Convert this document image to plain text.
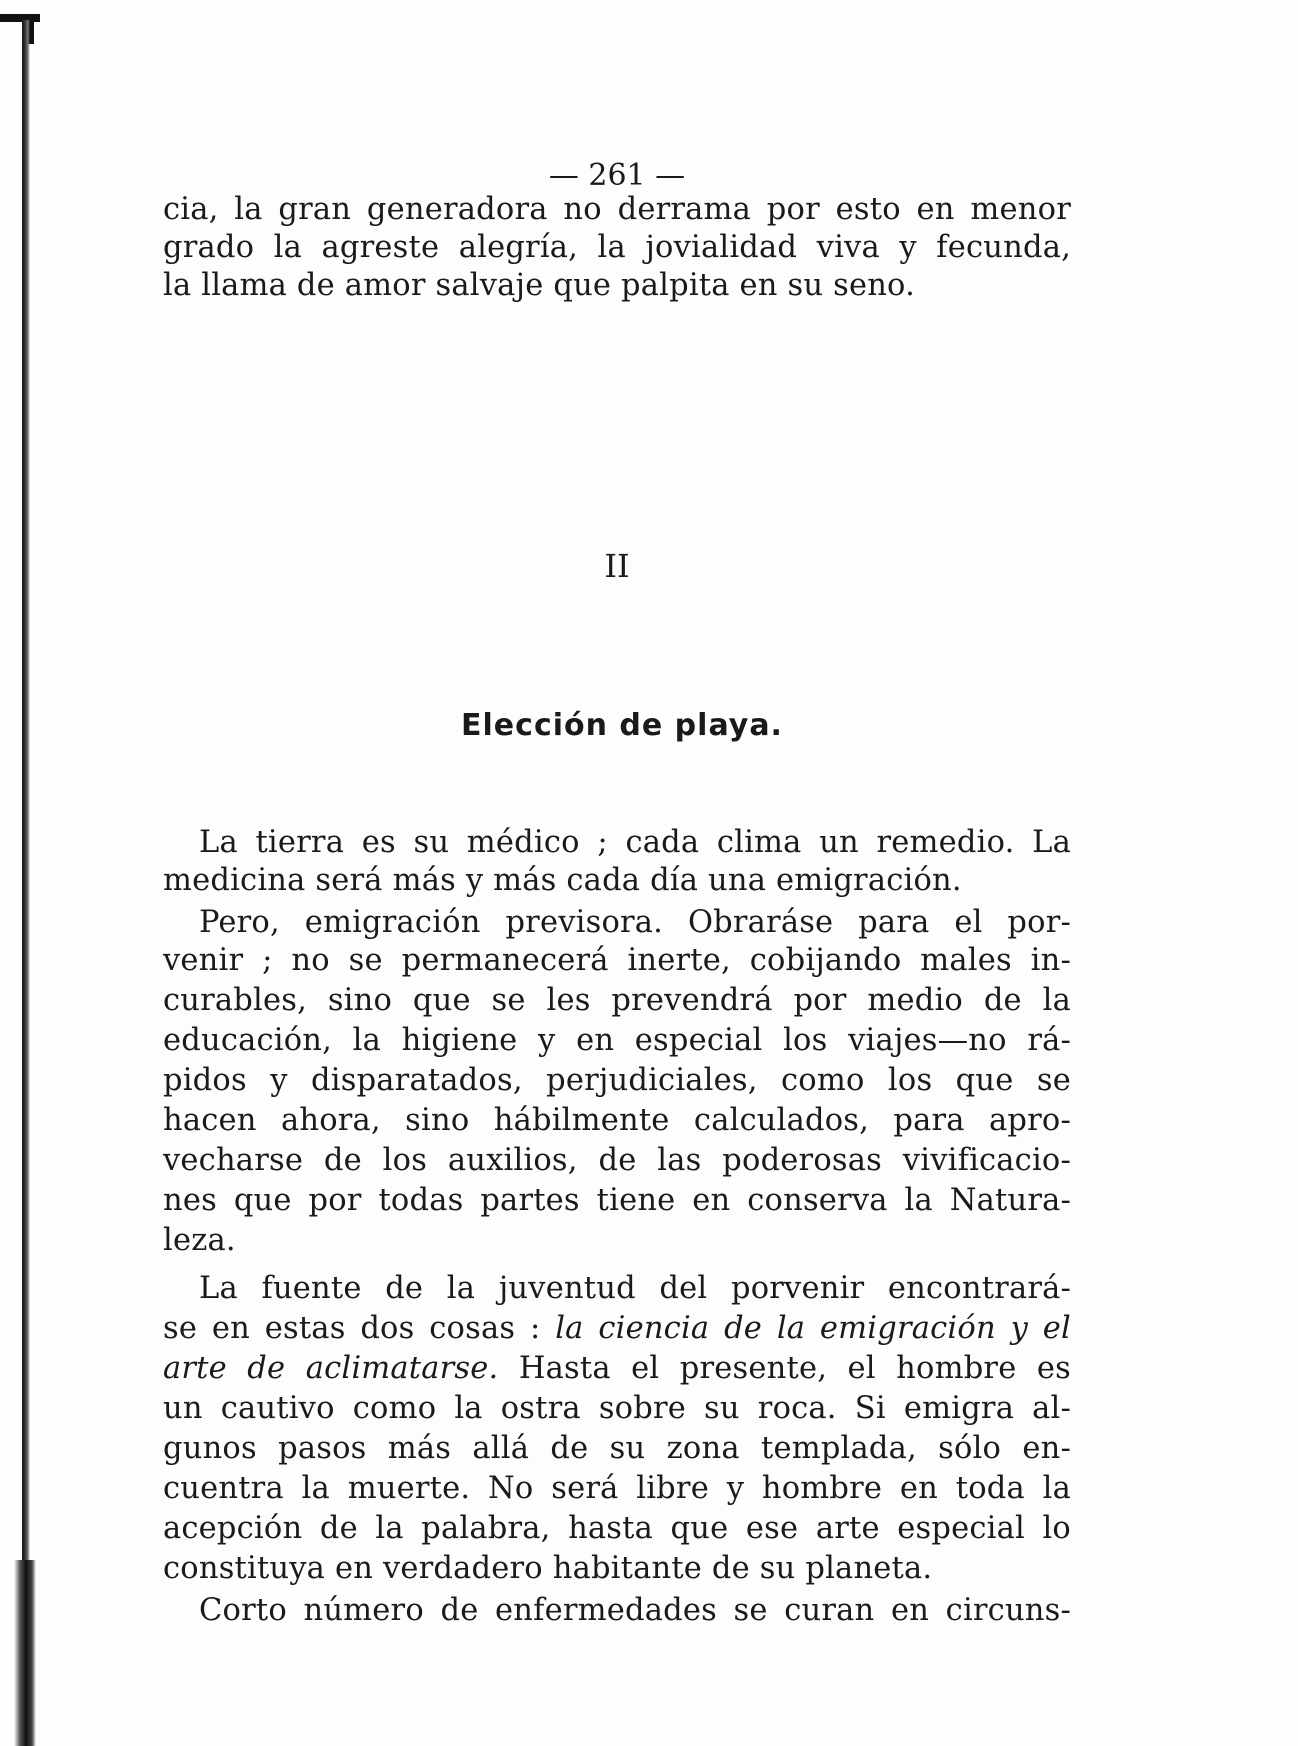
— 261 —
cia, la gran generadora no derrama por esto en menor
grado la agreste alegría, la jovialidad viva y fecunda,
la llama de amor salvaje que palpita en su seno.
II
Elección de playa.
La tierra es su médico ; cada clima un remedio. La
medicina será más y más cada día una emigración.
Pero, emigración previsora. Obraráse para el por-
venir ; no se permanecerá inerte, cobijando males in-
curables, sino que se les prevendrá por medio de la
educación, la higiene y en especial los viajes—no rá-
pidos y disparatados, perjudiciales, como los que se
hacen ahora, sino hábilmente calculados, para apro-
vecharse de los auxilios, de las poderosas vivificacio-
nes que por todas partes tiene en conserva la Natura-
leza.
La fuente de la juventud del porvenir encontrará-
se en estas dos cosas : la ciencia de la emigración y el
arte de aclimatarse. Hasta el presente, el hombre es
un cautivo como la ostra sobre su roca. Si emigra al-
gunos pasos más allá de su zona templada, sólo en-
cuentra la muerte. No será libre y hombre en toda la
acepción de la palabra, hasta que ese arte especial lo
constituya en verdadero habitante de su planeta.
Corto número de enfermedades se curan en circuns-
